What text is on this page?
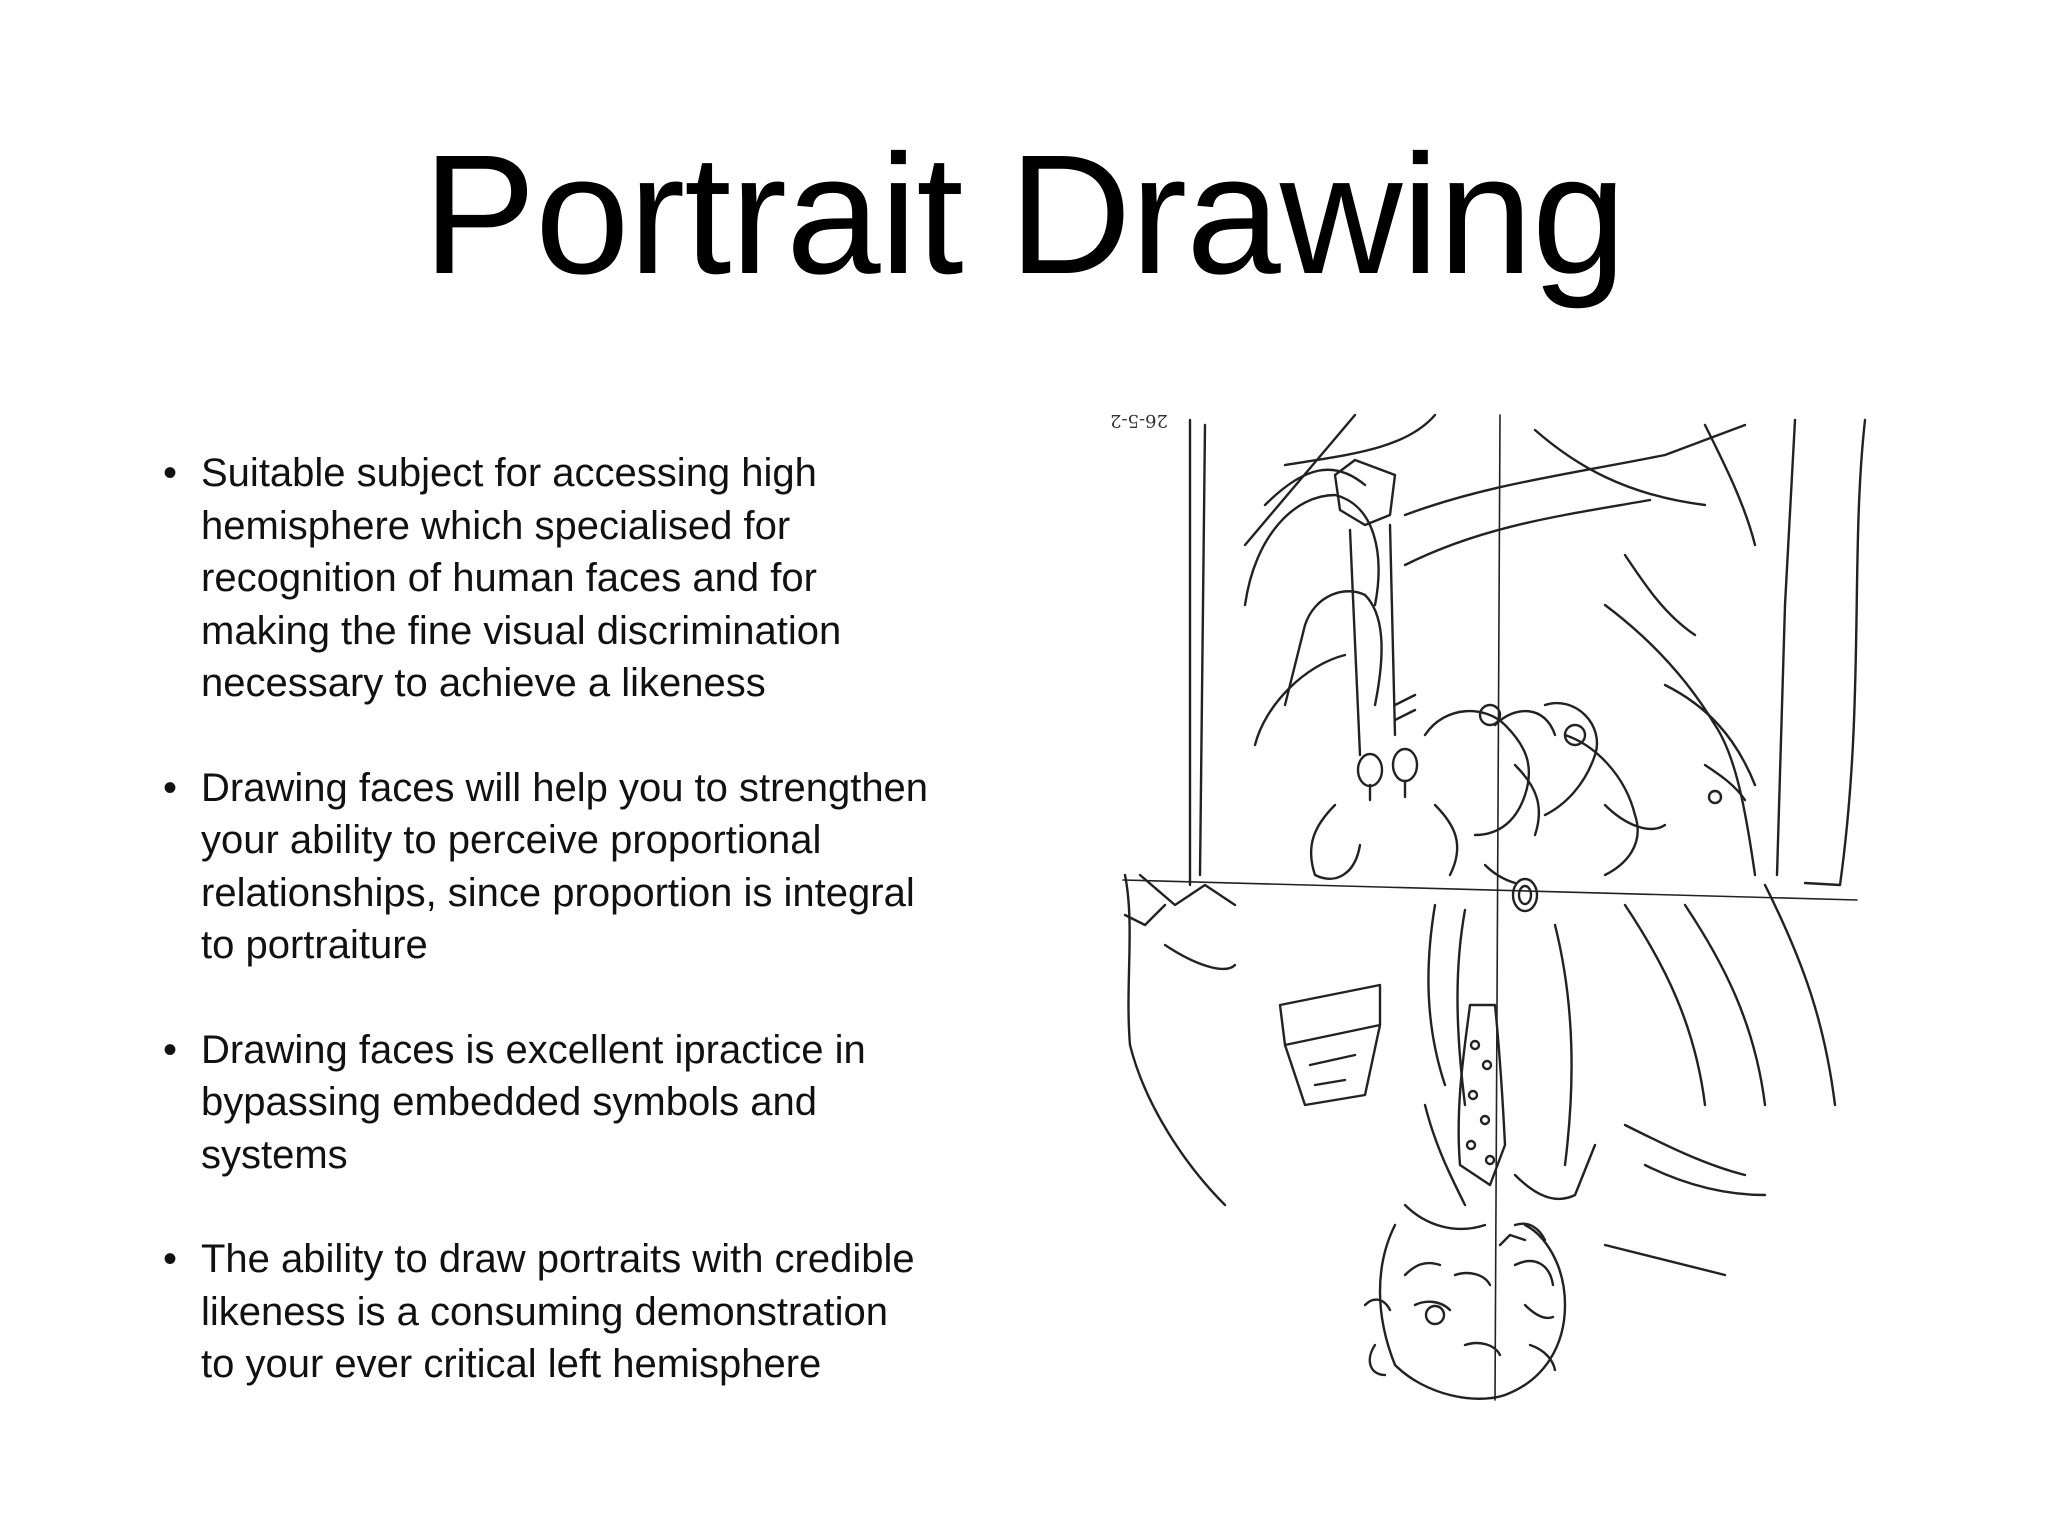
Portrait Drawing
• Suitable subject for accessing high
hemisphere which specialised for
recognition of human faces and for
making the fine visual discrimination
necessary to achieve a likeness
• Drawing faces will help you to strengthen
your ability to perceive proportional
relationships, since proportion is integral
to portraiture
• Drawing faces is excellent ipractice in
bypassing embedded symbols and
systems
• The ability to draw portraits with credible
likeness is a consuming demonstration
to your ever critical left hemisphere
26-5-2
